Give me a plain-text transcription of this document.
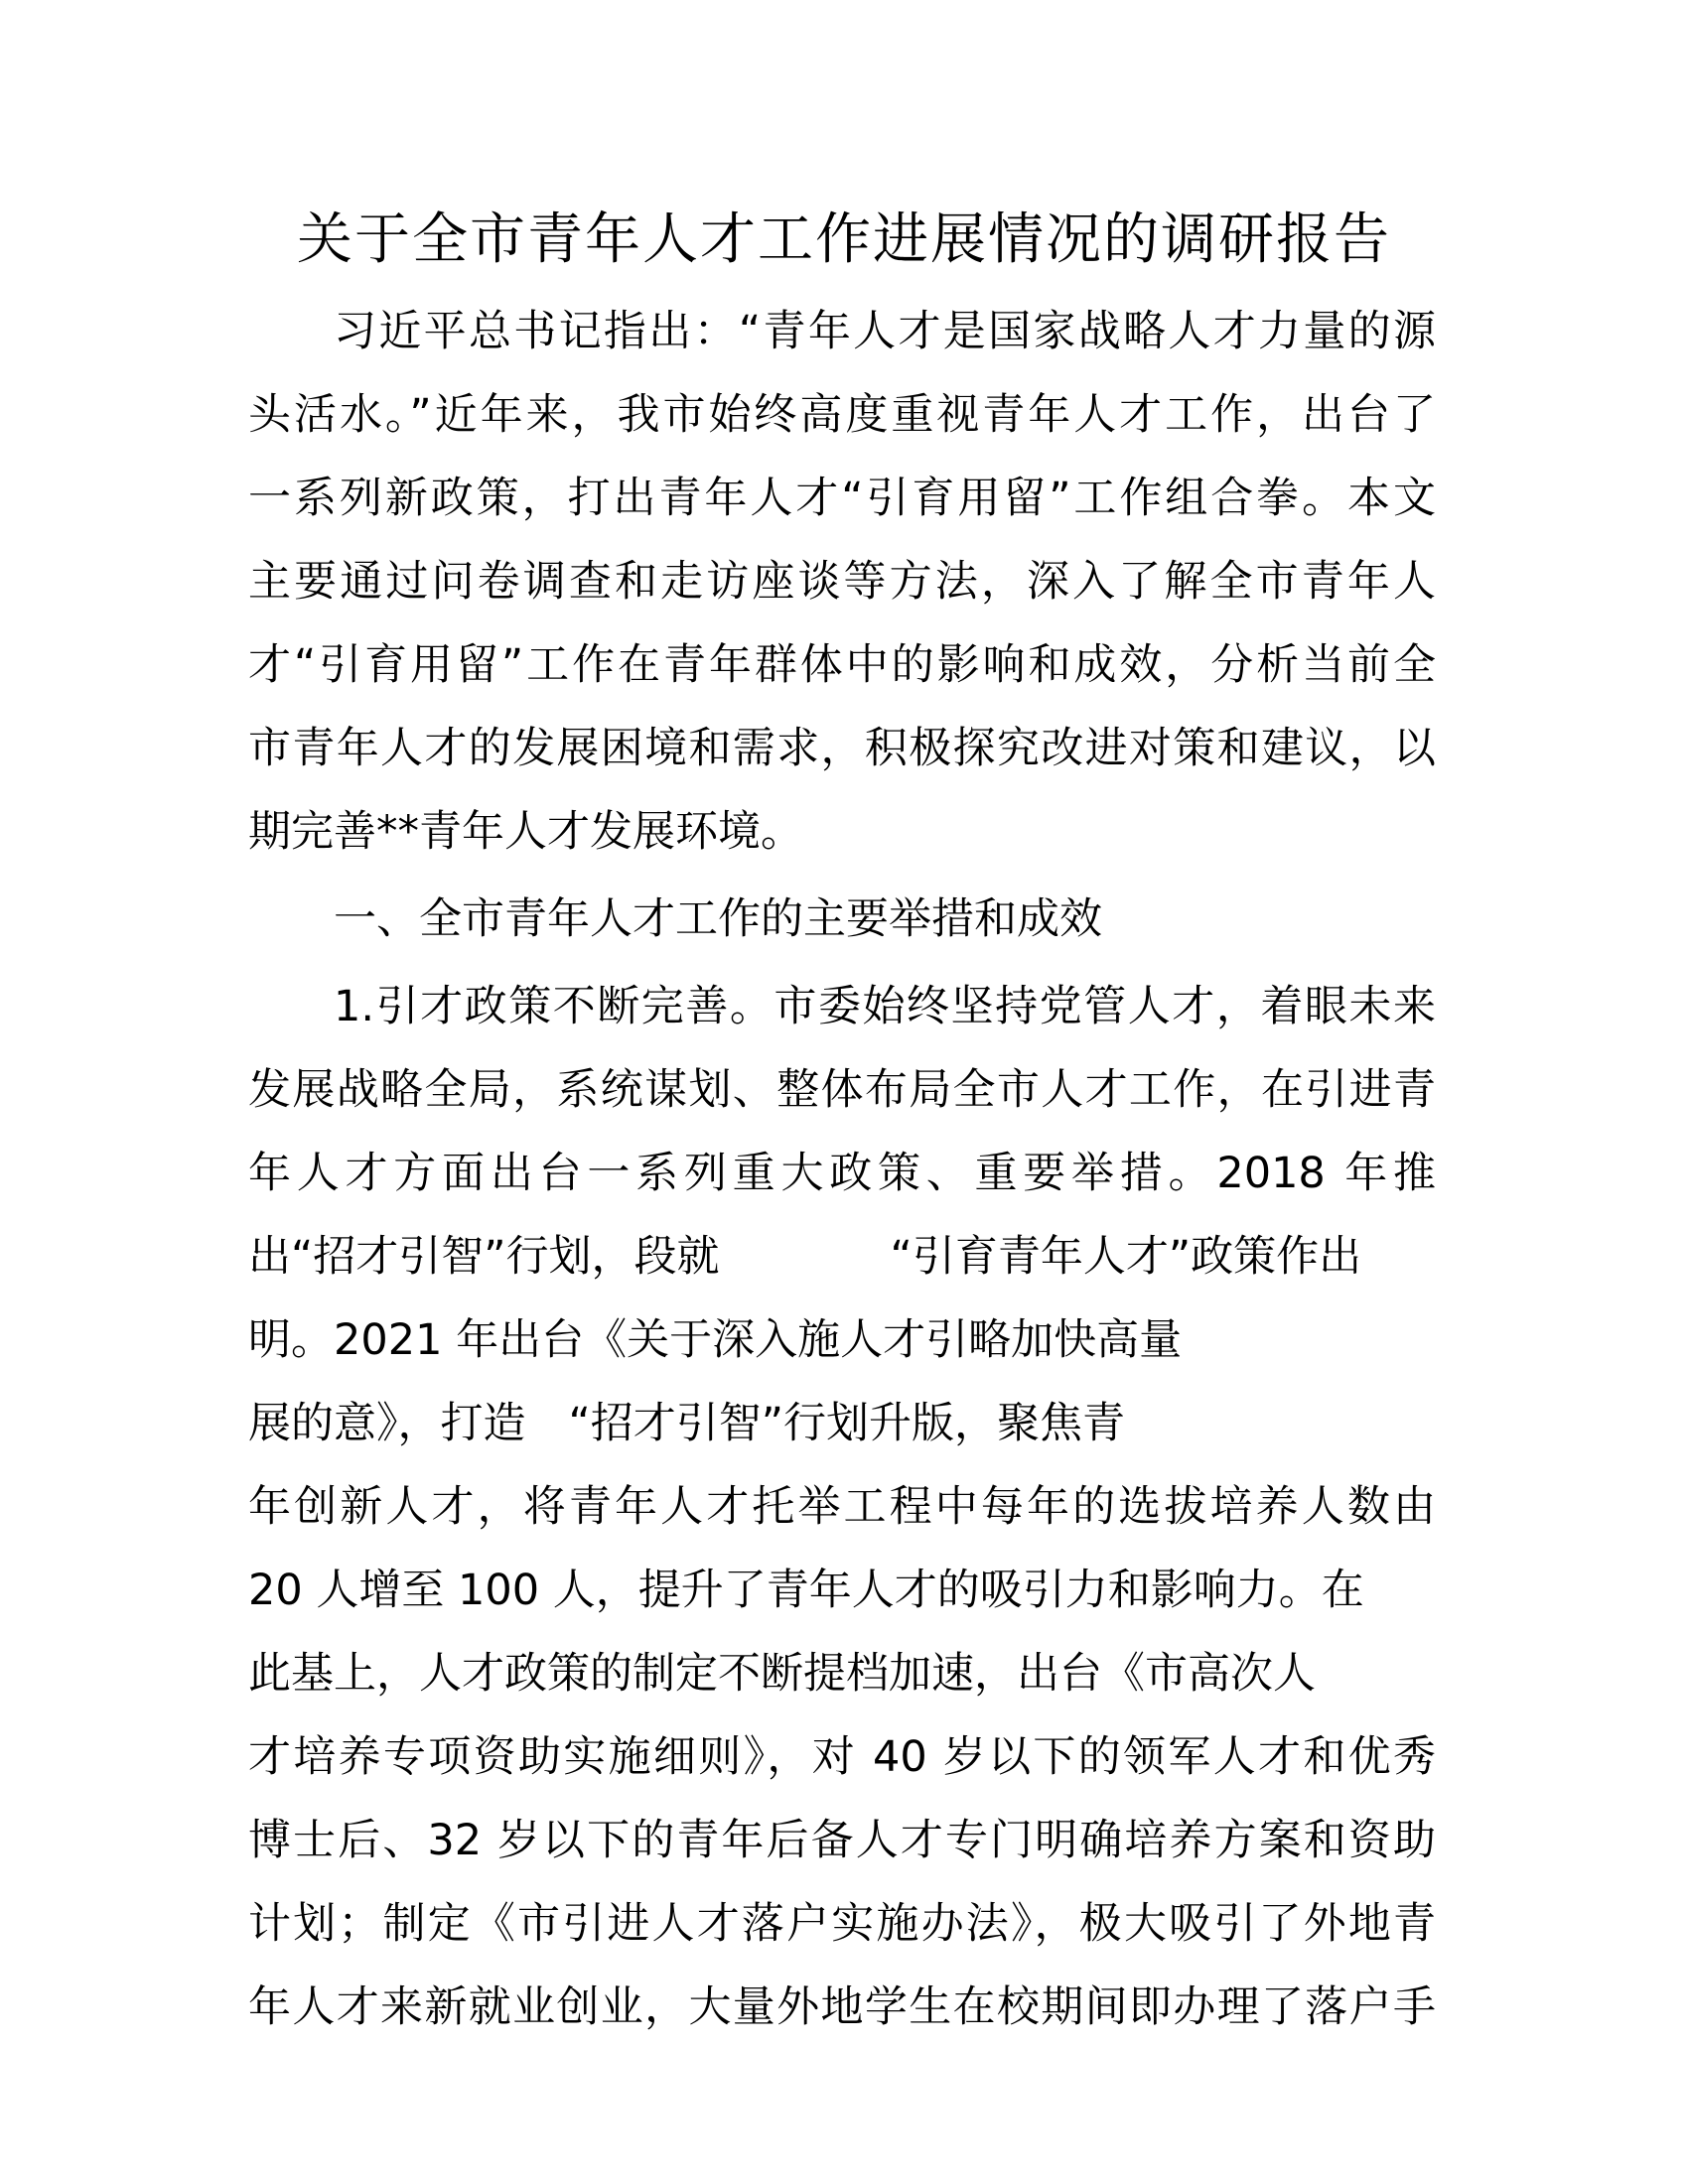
关于全市青年人才工作进展情况的调研报告

习近平总书记指出：“青年人才是国家战略人才力量的源

头活水。”近年来，我市始终高度重视青年人才工作，出台了

一系列新政策，打出青年人才“引育用留”工作组合拳。本文

主要通过问卷调查和走访座谈等方法，深入了解全市青年人

才“引育用留”工作在青年群体中的影响和成效，分析当前全

市青年人才的发展困境和需求，积极探究改进对策和建议，以

期完善**青年人才发展环境。

一、全市青年人才工作的主要举措和成效

1.引才政策不断完善。市委始终坚持党管人才，着眼未来

发展战略全局，系统谋划、整体布局全市人才工作，在引进青

年人才方面出台一系列重大政策、重要举措。2018 年推

出“招才引智”行划，段就　　　　“引育青年人才”政策作出

明。2021 年出台《关于深入施人才引略加快高量

展的意》，打造　“招才引智”行划升版，聚焦青

年创新人才，将青年人才托举工程中每年的选拔培养人数由

20 人增至 100 人，提升了青年人才的吸引力和影响力。在

此基上，人才政策的制定不断提档加速，出台《市高次人

才培养专项资助实施细则》，对 40 岁以下的领军人才和优秀

博士后、32 岁以下的青年后备人才专门明确培养方案和资助

计划；制定《市引进人才落户实施办法》，极大吸引了外地青

年人才来新就业创业，大量外地学生在校期间即办理了落户手
